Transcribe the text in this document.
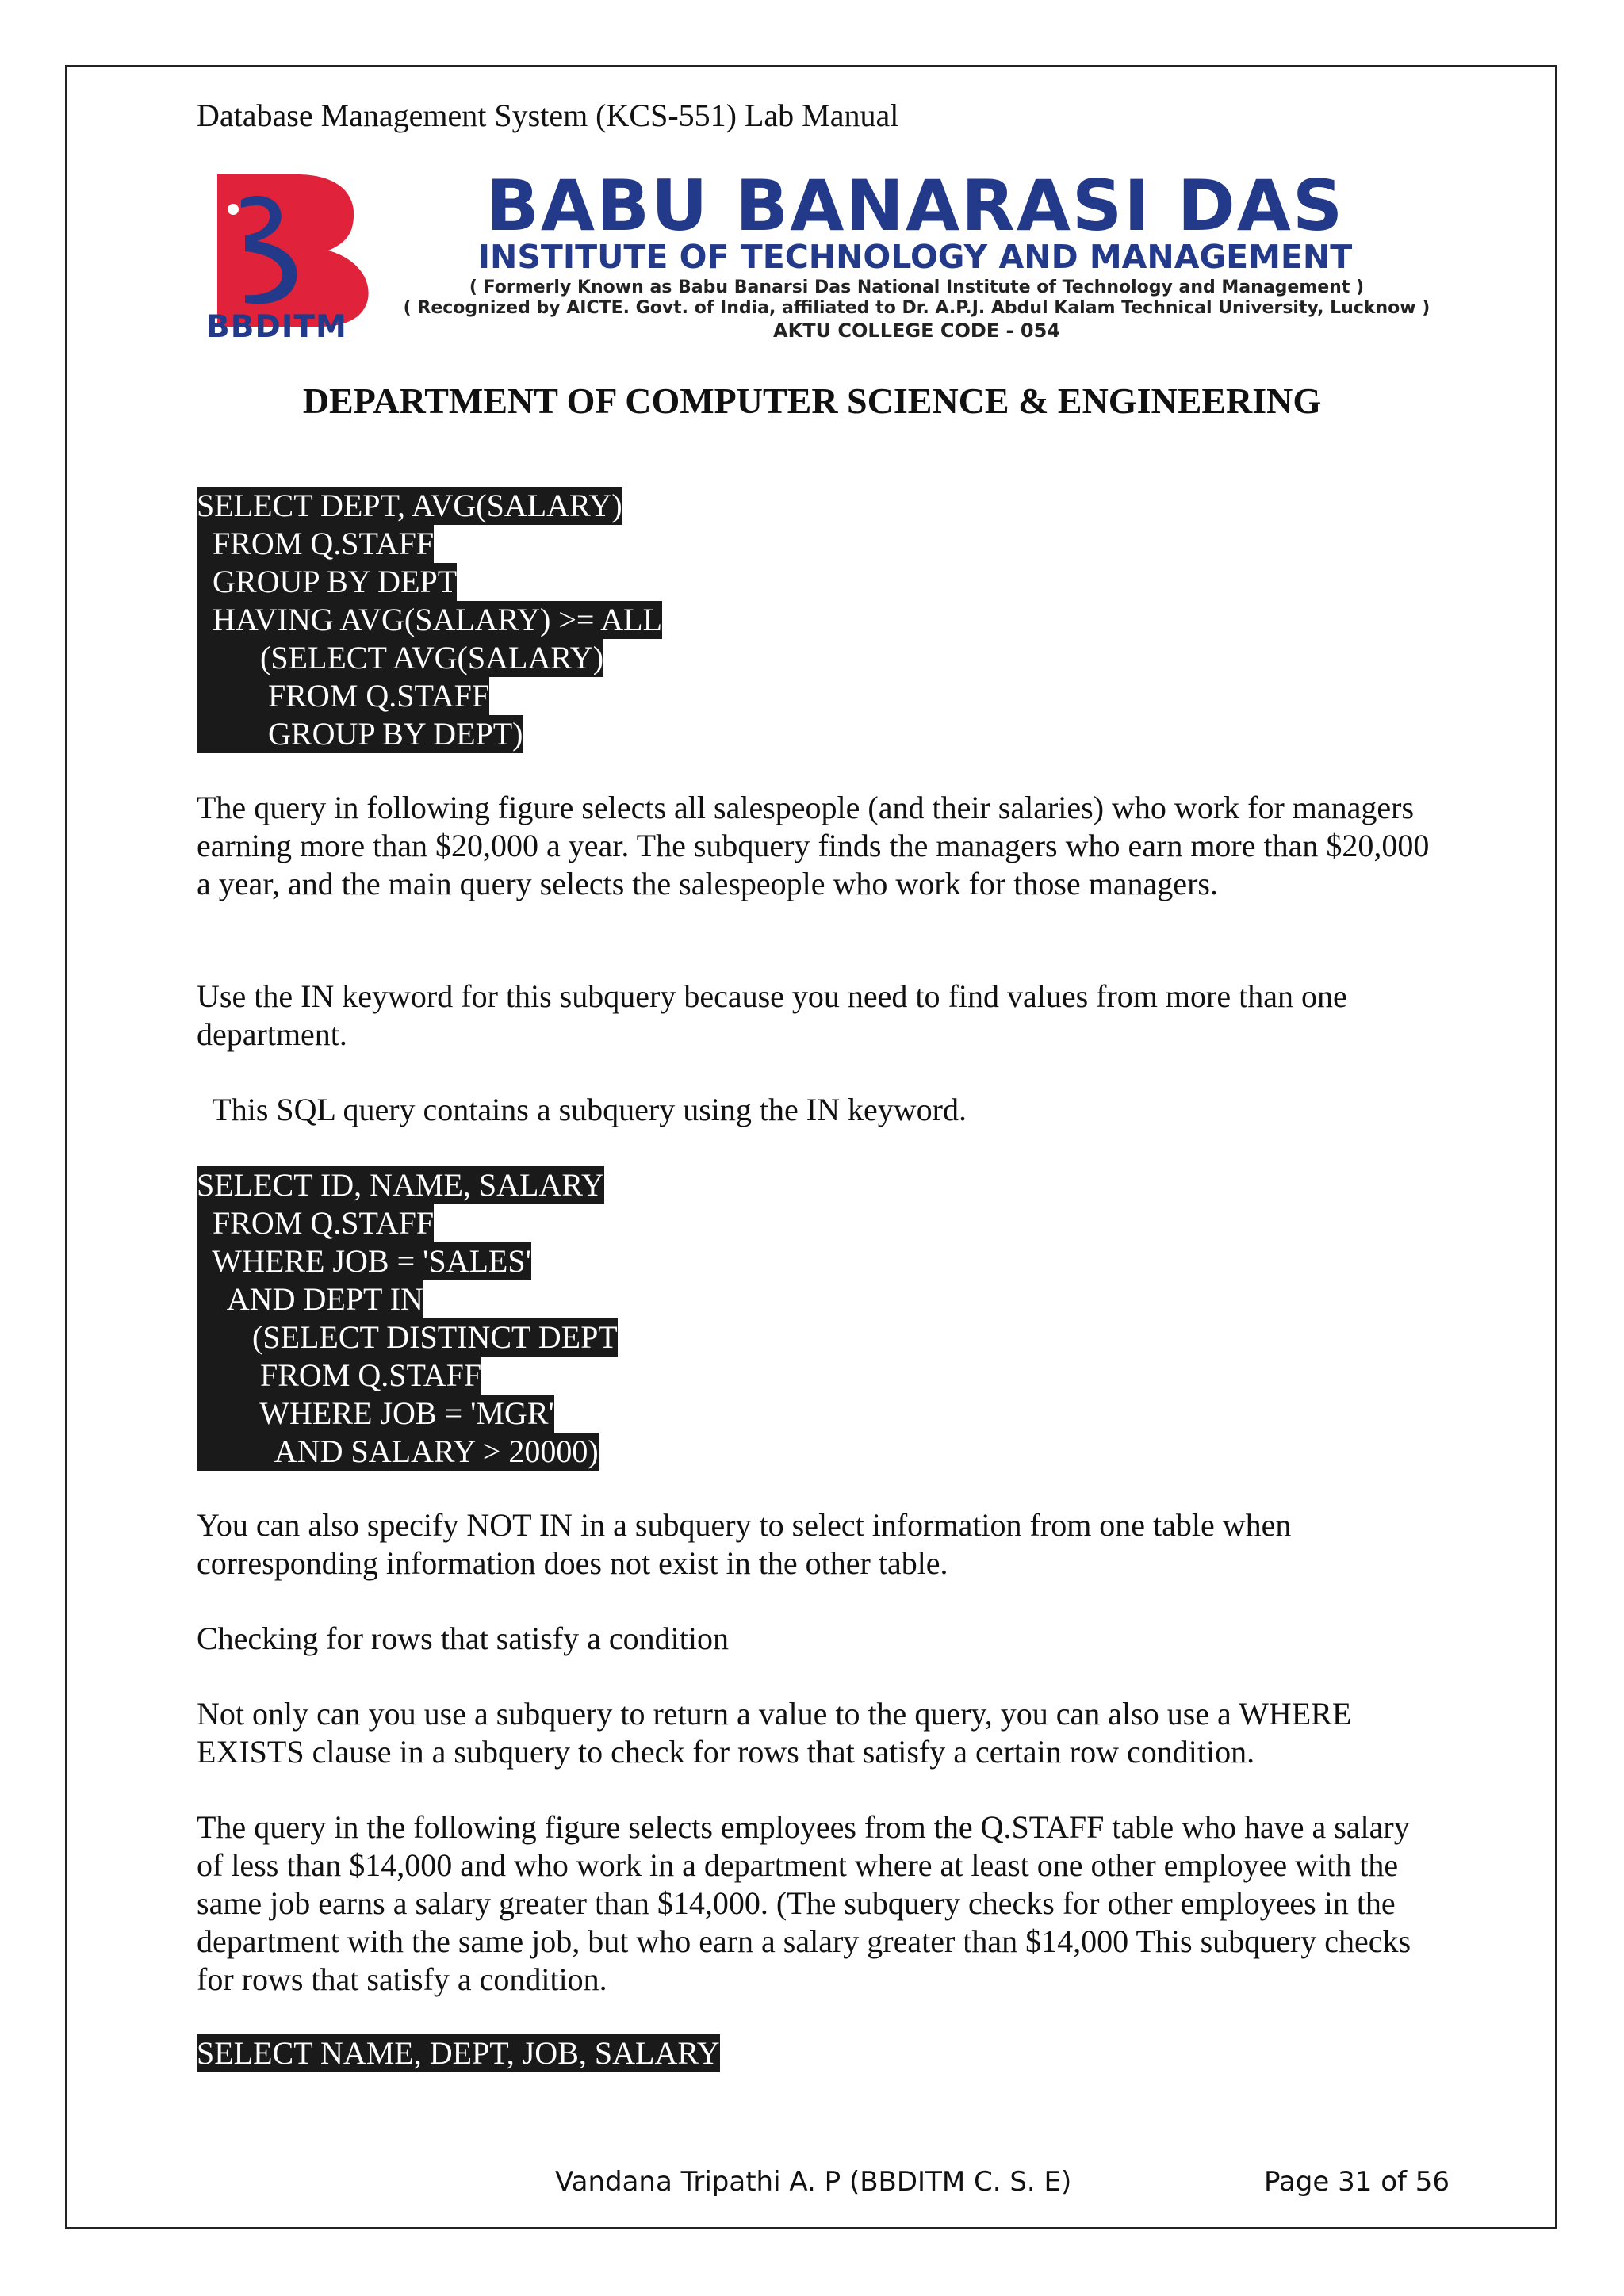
Database Management System (KCS-551) Lab Manual
BBDITM
BABU BANARASI DAS
INSTITUTE OF TECHNOLOGY AND MANAGEMENT
( Formerly Known as Babu Banarsi Das National Institute of Technology and Management )
( Recognized by AICTE. Govt. of India, affiliated to Dr. A.P.J. Abdul Kalam Technical University, Lucknow )
AKTU COLLEGE CODE - 054
DEPARTMENT OF COMPUTER SCIENCE & ENGINEERING
SELECT DEPT, AVG(SALARY)
FROM Q.STAFF
GROUP BY DEPT
HAVING AVG(SALARY) >= ALL
(SELECT AVG(SALARY)
FROM Q.STAFF
GROUP BY DEPT)
The query in following figure selects all salespeople (and their salaries) who work for managers earning more than $20,000 a year. The subquery finds the managers who earn more than $20,000 a year, and the main query selects the salespeople who work for those managers.
Use the IN keyword for this subquery because you need to find values from more than one department.
This SQL query contains a subquery using the IN keyword.
SELECT ID, NAME, SALARY
FROM Q.STAFF
WHERE JOB = 'SALES'
AND DEPT IN
(SELECT DISTINCT DEPT
FROM Q.STAFF
WHERE JOB = 'MGR'
AND SALARY > 20000)
You can also specify NOT IN in a subquery to select information from one table when corresponding information does not exist in the other table.
Checking for rows that satisfy a condition
Not only can you use a subquery to return a value to the query, you can also use a WHERE EXISTS clause in a subquery to check for rows that satisfy a certain row condition.
The query in the following figure selects employees from the Q.STAFF table who have a salary of less than $14,000 and who work in a department where at least one other employee with the same job earns a salary greater than $14,000. (The subquery checks for other employees in the department with the same job, but who earn a salary greater than $14,000 This subquery checks for rows that satisfy a condition.
SELECT NAME, DEPT, JOB, SALARY
Vandana Tripathi A. P (BBDITM C. S. E)	Page 31 of 56
